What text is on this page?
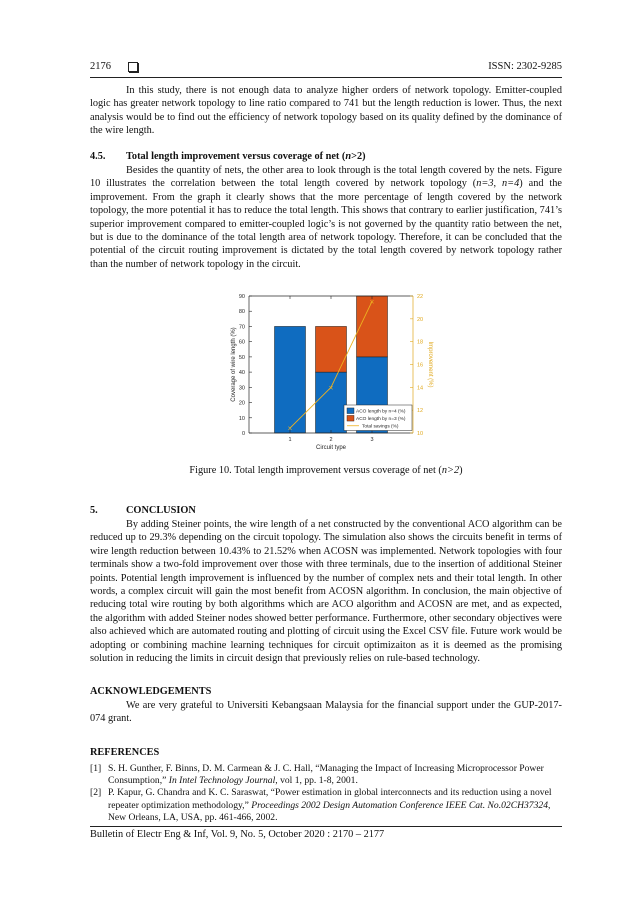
2176	ISSN: 2302-9285

In this study, there is not enough data to analyze higher orders of network topology. Emitter-coupled logic has greater network topology to line ratio compared to 741 but the length reduction is lower. Thus, the next analysis would be to find out the efficiency of network topology based on its quality defined by the dominance of the wire length.

4.5. Total length improvement versus coverage of net (n>2)

Besides the quantity of nets, the other area to look through is the total length covered by the nets. Figure 10 illustrates the correlation between the total length covered by network topology (n=3, n=4) and the improvement. From the graph it clearly shows that the more percentage of length covered by the network topology, the more potential it has to reduce the total length. This shows that contrary to earlier justification, 741’s superior improvement compared to emitter-coupled logic’s is not governed by the quantity ratio between the net, but is due to the dominance of the total length area of network topology. Therefore, it can be concluded that the potential of the circuit routing improvement is dictated by the total length covered by network topology rather than the number of network topology in the circuit.

×
×
×
0
10
20
30
40
50
60
70
80
90
10
12
14
16
18
20
22
1	2	3
Circuit type
Coverage of wire length (%)	Improvement (%)
ACO length by n=4 (%)
ACO length by n=3 (%)
Total savings (%)
Figure 10. Total length improvement versus coverage of net (n>2)

5.	CONCLUSION

By adding Steiner points, the wire length of a net constructed by the conventional ACO algorithm can be reduced up to 29.3% depending on the circuit topology. The simulation also shows the circuits benefit in terms of wire length reduction between 10.43% to 21.52% when ACOSN was implemented. Network topologies with four terminals show a two-fold improvement over those with three terminals, due to the insertion of additional Steiner points. Potential length improvement is influenced by the number of complex nets and their total length. In other words, a complex circuit will gain the most benefit from ACOSN algorithm. In conclusion, the main objective of reducing total wire routing by both algorithms which are ACO algorithm and ACOSN are met, and as expected, the algorithm with added Steiner nodes showed better performance. Furthermore, other secondary objectives were also achieved which are automated routing and plotting of circuit using the Excel CSV file. Future work would be adopting or combining machine learning techniques for circuit optimizaiton as it is deemed as the promising solution in reducing the limits in circuit design that previously relies on rule-based technology.

ACKNOWLEDGEMENTS

We are very grateful to Universiti Kebangsaan Malaysia for the financial support under the GUP-2017-074 grant.

REFERENCES

[1] S. H. Gunther, F. Binns, D. M. Carmean & J. C. Hall, “Managing the Impact of Increasing Microprocessor Power Consumption,” In Intel Technology Journal, vol 1, pp. 1-8, 2001.
[2] P. Kapur, G. Chandra and K. C. Saraswat, “Power estimation in global interconnects and its reduction using a novel repeater optimization methodology,” Proceedings 2002 Design Automation Conference IEEE Cat. No.02CH37324, New Orleans, LA, USA, pp. 461-466, 2002.
Bulletin of Electr Eng & Inf, Vol. 9, No. 5, October 2020 : 2170 – 2177
